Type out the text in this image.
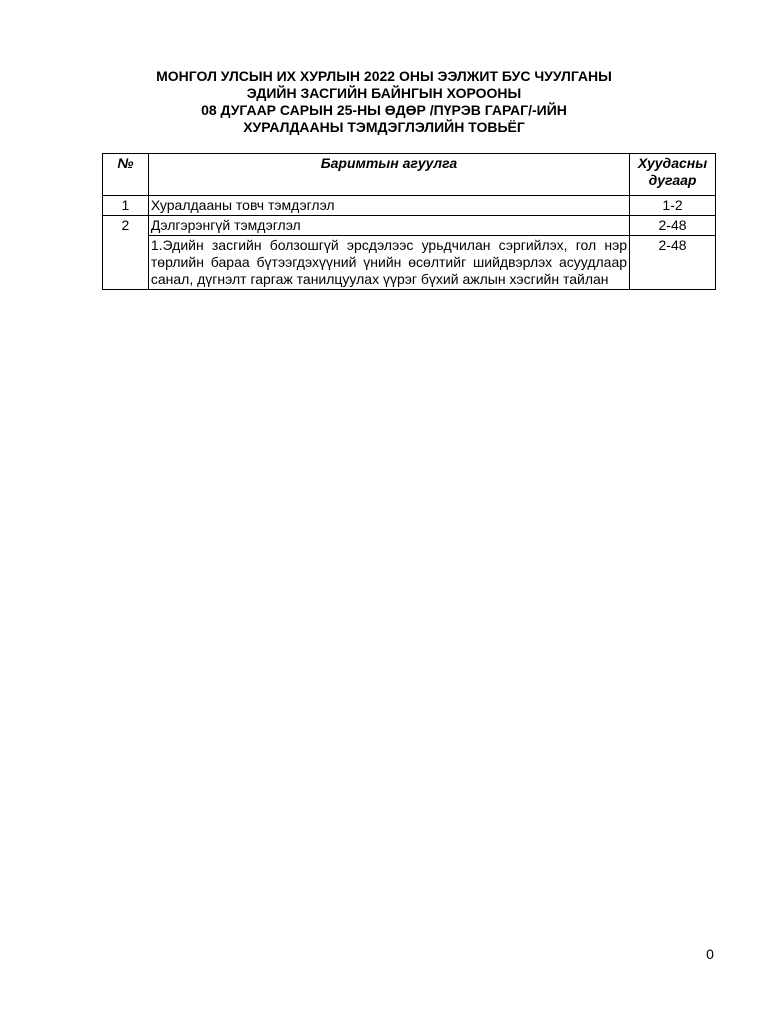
МОНГОЛ УЛСЫН ИХ ХУРЛЫН 2022 ОНЫ ЭЭЛЖИТ БУС ЧУУЛГАНЫ
ЭДИЙН ЗАСГИЙН БАЙНГЫН ХОРООНЫ
08 ДУГААР САРЫН 25-НЫ ӨДӨР /ПҮРЭВ ГАРАГ/-ИЙН
ХУРАЛДААНЫ ТЭМДЭГЛЭЛИЙН ТОВЬЁГ
№	Баримтын агуулга	Хуудасны
дугаар
1	Хуралдааны товч тэмдэглэл	1-2
2	Дэлгэрэнгүй тэмдэглэл	2-48
	1.Эдийн засгийн болзошгүй эрсдэлээс урьдчилан сэргийлэх, гол нэр төрлийн бараа бүтээгдэхүүний үнийн өсөлтийг шийдвэрлэх асуудлаар санал, дүгнэлт гаргаж танилцуулах үүрэг бүхий ажлын хэсгийн тайлан	2-48
0
